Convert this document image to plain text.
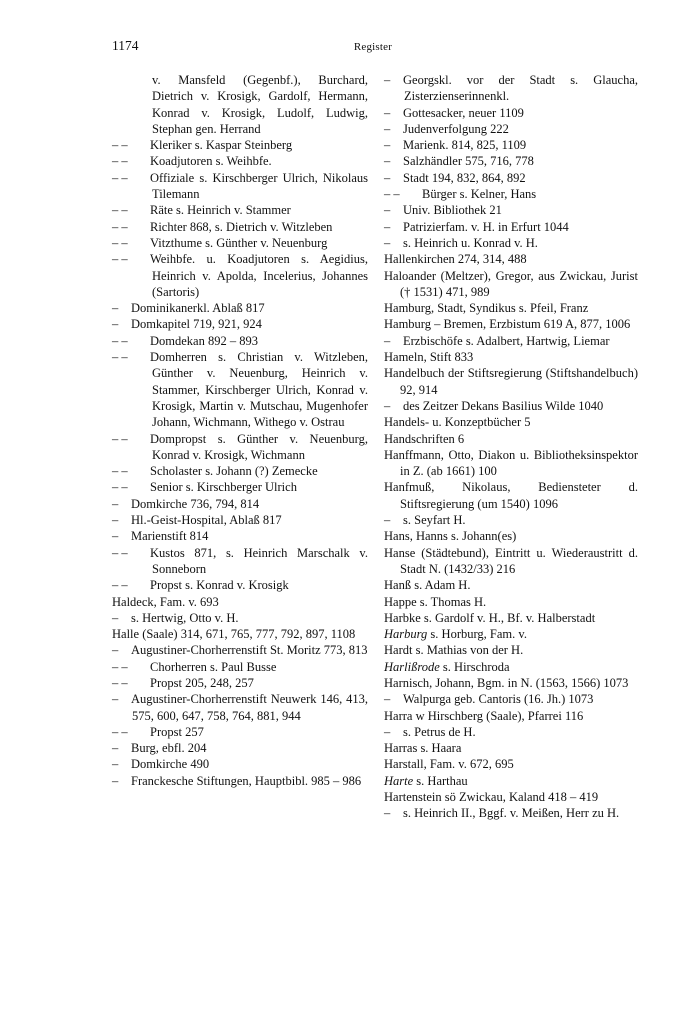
1174	Register
v. Mansfeld (Gegenbf.), Burchard, Dietrich v. Krosigk, Gardolf, Hermann, Konrad v. Krosigk, Ludolf, Ludwig, Stephan gen. Herrand
– – Kleriker s. Kaspar Steinberg
– – Koadjutoren s. Weihbfe.
– – Offiziale s. Kirschberger Ulrich, Nikolaus Tilemann
– – Räte s. Heinrich v. Stammer
– – Richter 868, s. Dietrich v. Witzleben
– – Vitzthume s. Günther v. Neuenburg
– – Weihbfe. u. Koadjutoren s. Aegidius, Heinrich v. Apolda, Incelerius, Johannes (Sartoris)
– Dominikanerkl. Ablaß 817
– Domkapitel 719, 921, 924
– – Domdekan 892 – 893
– – Domherren s. Christian v. Witzleben, Günther v. Neuenburg, Heinrich v. Stammer, Kirschberger Ulrich, Konrad v. Krosigk, Martin v. Mutschau, Mugenhofer Johann, Wichmann, Withego v. Ostrau
– – Dompropst s. Günther v. Neuenburg, Konrad v. Krosigk, Wichmann
– – Scholaster s. Johann (?) Zemecke
– – Senior s. Kirschberger Ulrich
– Domkirche 736, 794, 814
– Hl.-Geist-Hospital, Ablaß 817
– Marienstift 814
– – Kustos 871, s. Heinrich Marschalk v. Sonneborn
– – Propst s. Konrad v. Krosigk
Haldeck, Fam. v. 693
– s. Hertwig, Otto v. H.
Halle (Saale) 314, 671, 765, 777, 792, 897, 1108
– Augustiner-Chorherrenstift St. Moritz 773, 813
– – Chorherren s. Paul Busse
– – Propst 205, 248, 257
– Augustiner-Chorherrenstift Neuwerk 146, 413, 575, 600, 647, 758, 764, 881, 944
– – Propst 257
– Burg, ebfl. 204
– Domkirche 490
– Franckesche Stiftungen, Hauptbibl. 985 – 986
– Georgskl. vor der Stadt s. Glaucha, Zisterzienserinnenkl.
– Gottesacker, neuer 1109
– Judenverfolgung 222
– Marienk. 814, 825, 1109
– Salzhändler 575, 716, 778
– Stadt 194, 832, 864, 892
– – Bürger s. Kelner, Hans
– Univ. Bibliothek 21
– Patrizierfam. v. H. in Erfurt 1044
– s. Heinrich u. Konrad v. H.
Hallenkirchen 274, 314, 488
Haloander (Meltzer), Gregor, aus Zwickau, Jurist († 1531) 471, 989
Hamburg, Stadt, Syndikus s. Pfeil, Franz
Hamburg – Bremen, Erzbistum 619 A, 877, 1006
– Erzbischöfe s. Adalbert, Hartwig, Liemar
Hameln, Stift 833
Handelbuch der Stiftsregierung (Stiftshandelbuch) 92, 914
– des Zeitzer Dekans Basilius Wilde 1040
Handels- u. Konzeptbücher 5
Handschriften 6
Hanffmann, Otto, Diakon u. Bibliotheksinspektor in Z. (ab 1661) 100
Hanfmuß, Nikolaus, Bediensteter d. Stiftsregierung (um 1540) 1096
– s. Seyfart H.
Hans, Hanns s. Johann(es)
Hanse (Städtebund), Eintritt u. Wiederaustritt d. Stadt N. (1432/33) 216
Hanß s. Adam H.
Happe s. Thomas H.
Harbke s. Gardolf v. H., Bf. v. Halberstadt
Harburg s. Horburg, Fam. v.
Hardt s. Mathias von der H.
Harlißrode s. Hirschroda
Harnisch, Johann, Bgm. in N. (1563, 1566) 1073
– Walpurga geb. Cantoris (16. Jh.) 1073
Harra w Hirschberg (Saale), Pfarrei 116
– s. Petrus de H.
Harras s. Haara
Harstall, Fam. v. 672, 695
Harte s. Harthau
Hartenstein sö Zwickau, Kaland 418 – 419
– s. Heinrich II., Bggf. v. Meißen, Herr zu H.
